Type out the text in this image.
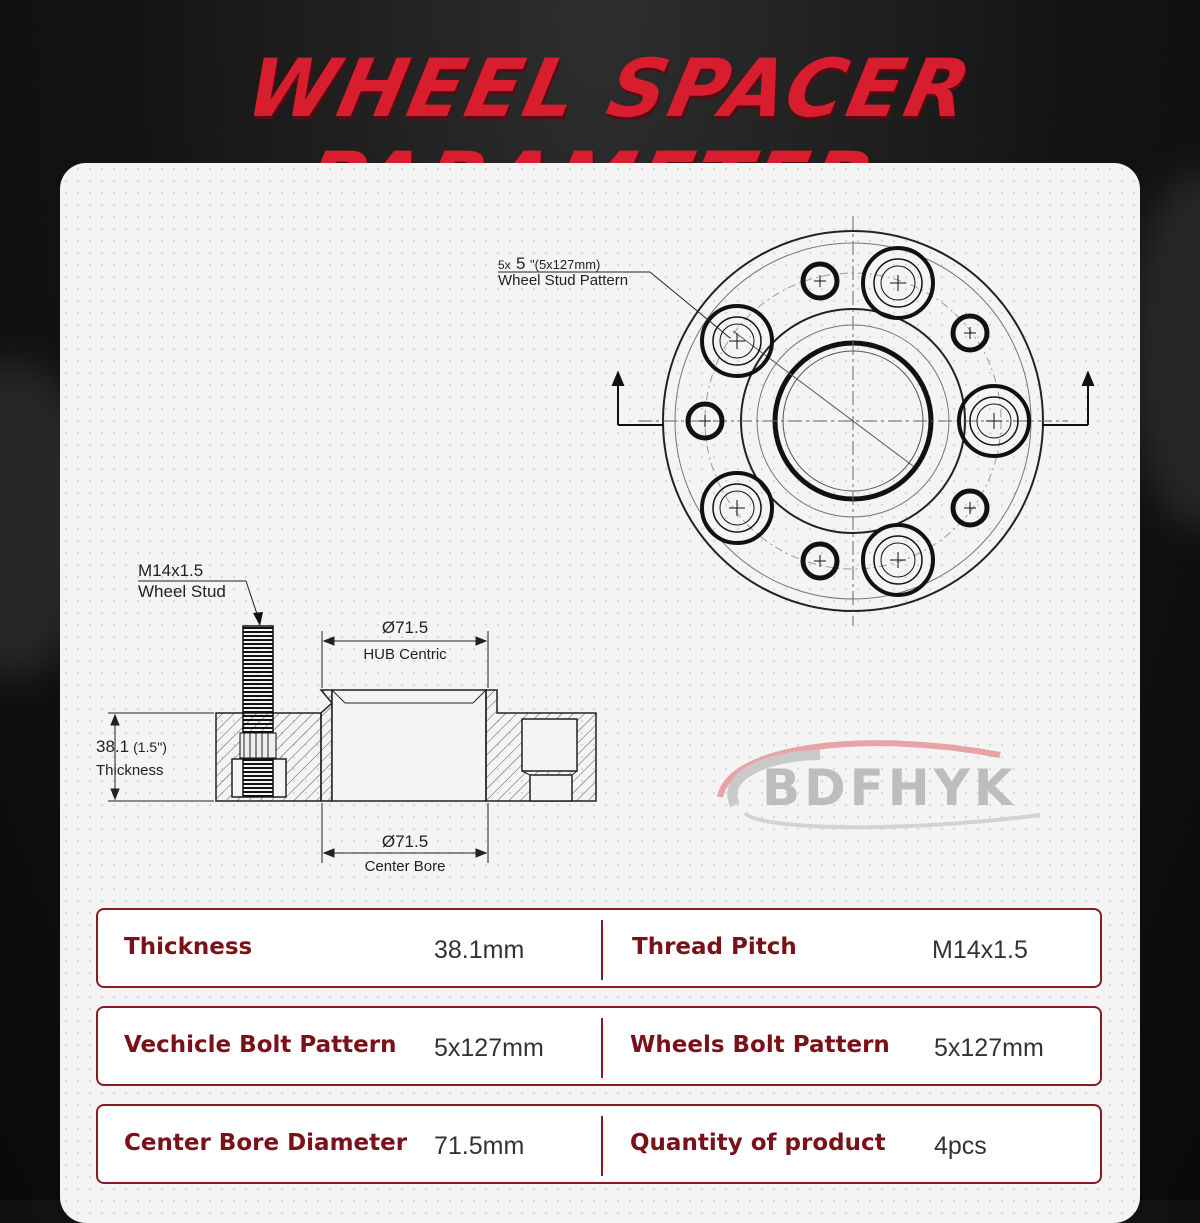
WHEEL SPACER
5x 5 "(5x127mm)
Wheel Stud Pattern
M14x1.5
Wheel Stud
Ø71.5
HUB Centric
Ø71.5
Center Bore
38.1 (1.5")
Thickness	BDFHYK
Thickness	38.1mm	Thread Pitch	M14x1.5
Vechicle Bolt Pattern 5x127mm	Wheels Bolt Pattern 5x127mm
Center Bore Diameter 71.5mm	Quantity of product 4pcs
